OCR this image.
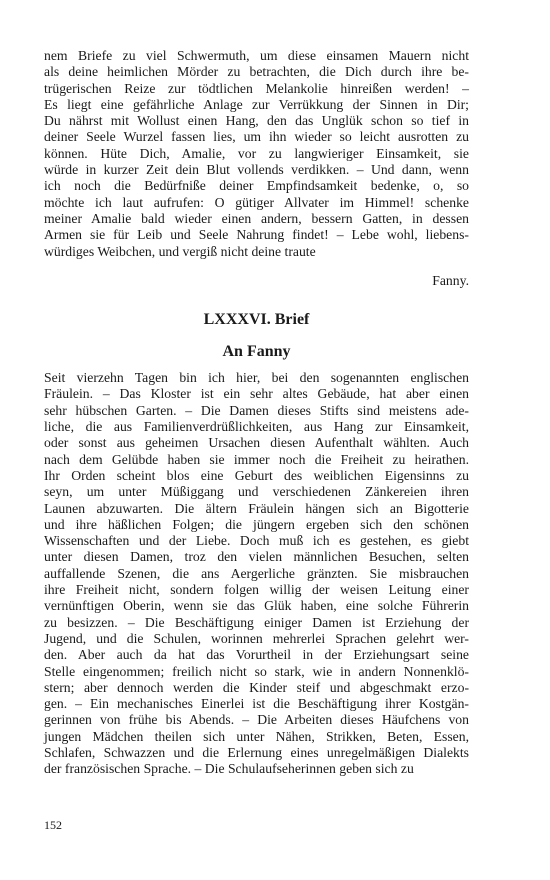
nem Briefe zu viel Schwermuth, um diese einsamen Mauern nicht

als deine heimlichen Mörder zu betrachten, die Dich durch ihre be-

trügerischen Reize zur tödtlichen Melankolie hinreißen werden! –

Es liegt eine gefährliche Anlage zur Verrükkung der Sinnen in Dir;

Du nährst mit Wollust einen Hang, den das Unglük schon so tief in

deiner Seele Wurzel fassen lies, um ihn wieder so leicht ausrotten zu

können. Hüte Dich, Amalie, vor zu langwieriger Einsamkeit, sie

würde in kurzer Zeit dein Blut vollends verdikken. – Und dann, wenn

ich noch die Bedürfniße deiner Empfindsamkeit bedenke, o, so

möchte ich laut aufrufen: O gütiger Allvater im Himmel! schenke

meiner Amalie bald wieder einen andern, bessern Gatten, in dessen

Armen sie für Leib und Seele Nahrung findet! – Lebe wohl, liebens-

würdiges Weibchen, und vergiß nicht deine traute

Fanny.
LXXXVI. Brief
An Fanny

Seit vierzehn Tagen bin ich hier, bei den sogenannten englischen

Fräulein. – Das Kloster ist ein sehr altes Gebäude, hat aber einen

sehr hübschen Garten. – Die Damen dieses Stifts sind meistens ade-

liche, die aus Familienverdrüßlichkeiten, aus Hang zur Einsamkeit,

oder sonst aus geheimen Ursachen diesen Aufenthalt wählten. Auch

nach dem Gelübde haben sie immer noch die Freiheit zu heirathen.

Ihr Orden scheint blos eine Geburt des weiblichen Eigensinns zu

seyn, um unter Müßiggang und verschiedenen Zänkereien ihren

Launen abzuwarten. Die ältern Fräulein hängen sich an Bigotterie

und ihre häßlichen Folgen; die jüngern ergeben sich den schönen

Wissenschaften und der Liebe. Doch muß ich es gestehen, es giebt

unter diesen Damen, troz den vielen männlichen Besuchen, selten

auffallende Szenen, die ans Aergerliche gränzten. Sie misbrauchen

ihre Freiheit nicht, sondern folgen willig der weisen Leitung einer

vernünftigen Oberin, wenn sie das Glük haben, eine solche Führerin

zu besizzen. – Die Beschäftigung einiger Damen ist Erziehung der

Jugend, und die Schulen, worinnen mehrerlei Sprachen gelehrt wer-

den. Aber auch da hat das Vorurtheil in der Erziehungsart seine

Stelle eingenommen; freilich nicht so stark, wie in andern Nonnenklö-

stern; aber dennoch werden die Kinder steif und abgeschmakt erzo-

gen. – Ein mechanisches Einerlei ist die Beschäftigung ihrer Kostgän-

gerinnen von frühe bis Abends. – Die Arbeiten dieses Häufchens von

jungen Mädchen theilen sich unter Nähen, Strikken, Beten, Essen,

Schlafen, Schwazzen und die Erlernung eines unregelmäßigen Dialekts

der französischen Sprache. – Die Schulaufseherinnen geben sich zu

152
